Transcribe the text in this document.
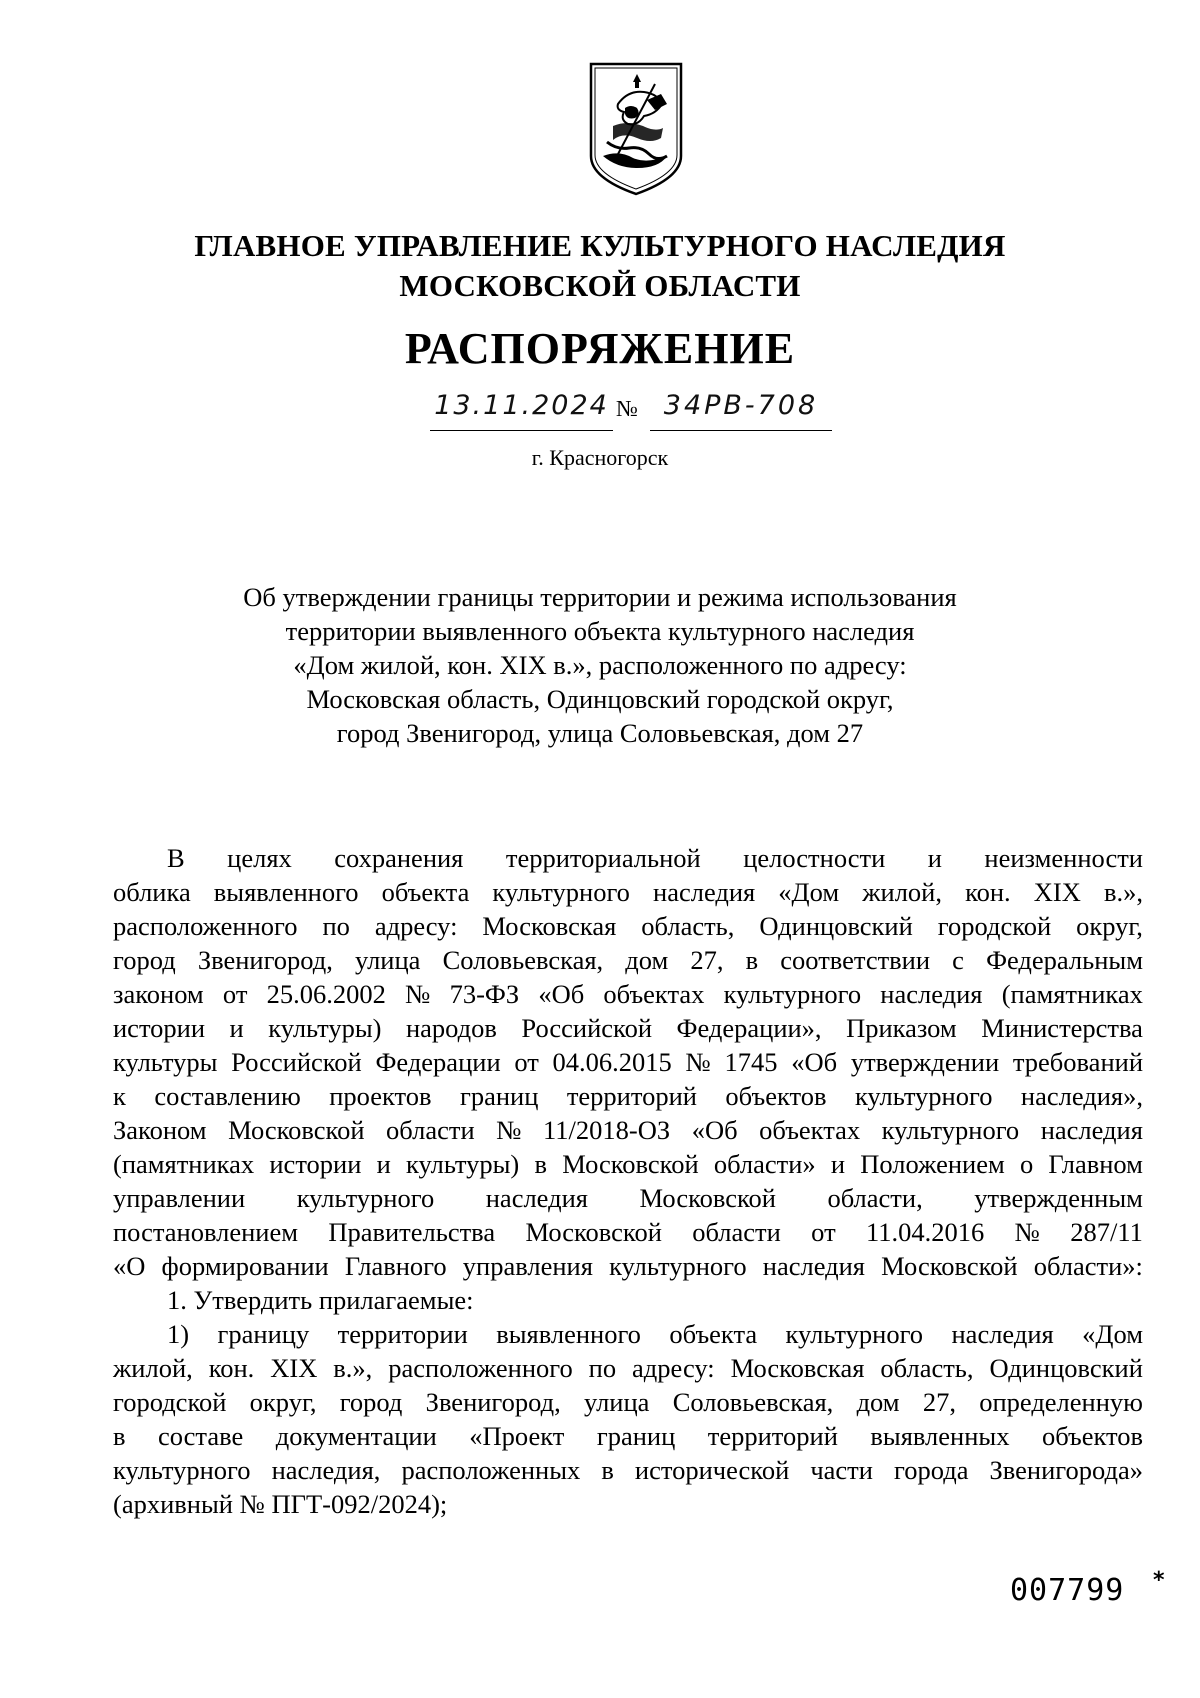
ГЛАВНОЕ УПРАВЛЕНИЕ КУЛЬТУРНОГО НАСЛЕДИЯ
МОСКОВСКОЙ ОБЛАСТИ
РАСПОРЯЖЕНИЕ
13.11.2024 № 34РВ-708
г. Красногорск
Об утверждении границы территории и режима использования
территории выявленного объекта культурного наследия
«Дом жилой, кон. XIX в.», расположенного по адресу:
Московская область, Одинцовский городской округ,
город Звенигород, улица Соловьевская, дом 27
В целях сохранения территориальной целостности и неизменности
облика выявленного объекта культурного наследия «Дом жилой, кон. XIX в.»,
расположенного по адресу: Московская область, Одинцовский городской округ,
город Звенигород, улица Соловьевская, дом 27, в соответствии с Федеральным
законом от 25.06.2002 № 73-ФЗ «Об объектах культурного наследия (памятниках
истории и культуры) народов Российской Федерации», Приказом Министерства
культуры Российской Федерации от 04.06.2015 № 1745 «Об утверждении требований
к составлению проектов границ территорий объектов культурного наследия»,
Законом Московской области № 11/2018-ОЗ «Об объектах культурного наследия
(памятниках истории и культуры) в Московской области» и Положением о Главном
управлении культурного наследия Московской области, утвержденным
постановлением Правительства Московской области от 11.04.2016 № 287/11
«О формировании Главного управления культурного наследия Московской области»:
1. Утвердить прилагаемые:
1) границу территории выявленного объекта культурного наследия «Дом
жилой, кон. XIX в.», расположенного по адресу: Московская область, Одинцовский
городской округ, город Звенигород, улица Соловьевская, дом 27, определенную
в составе документации «Проект границ территорий выявленных объектов
культурного наследия, расположенных в исторической части города Звенигорода»
(архивный № ПГТ-092/2024);
007799 *
